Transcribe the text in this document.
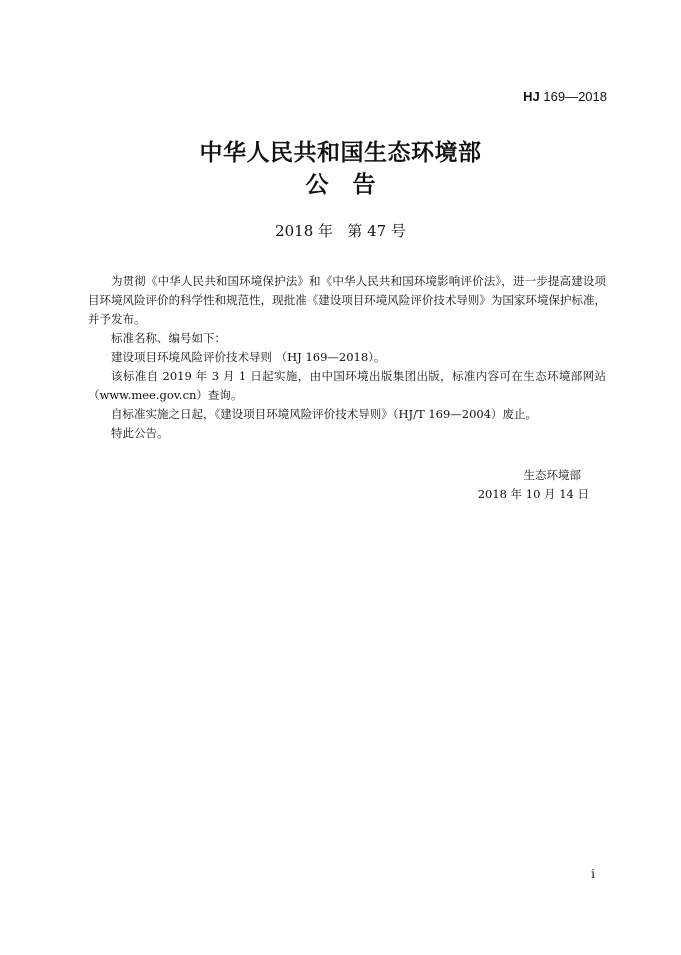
HJ 169—2018
中华人民共和国生态环境部
公告
2018 年   第 47 号

为贯彻《中华人民共和国环境保护法》和《中华人民共和国环境影响评价法》，进一步提高建设项目环境风险评价的科学性和规范性，现批准《建设项目环境风险评价技术导则》为国家环境保护标准，并予发布。

标准名称、编号如下：

建设项目环境风险评价技术导则 （HJ 169—2018）。

该标准自 2019 年 3 月 1 日起实施，由中国环境出版集团出版，标准内容可在生态环境部网站（www.mee.gov.cn）查询。

自标准实施之日起，《建设项目环境风险评价技术导则》（HJ/T 169—2004）废止。

特此公告。

生态环境部
2018 年 10 月 14 日
i
